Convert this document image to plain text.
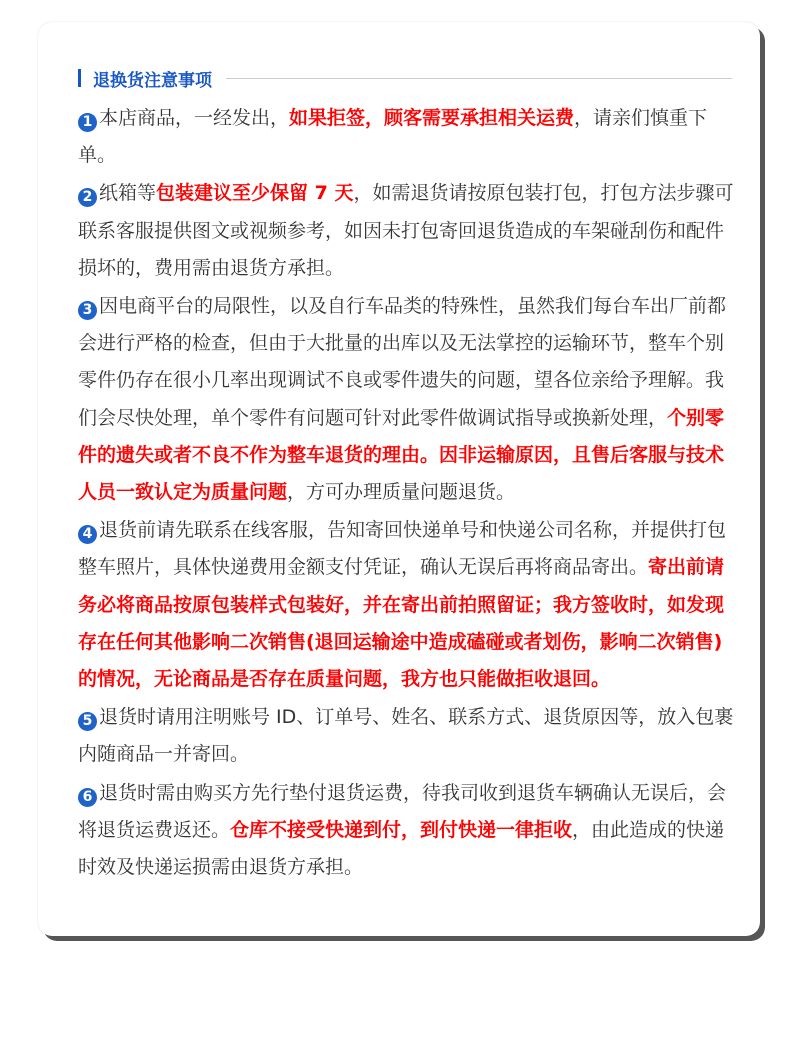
退换货注意事项

1 本店商品，一经发出，如果拒签，顾客需要承担相关运费，请亲们慎重下单。

2 纸箱等包装建议至少保留 7 天，如需退货请按原包装打包，打包方法步骤可联系客服提供图文或视频参考，如因未打包寄回退货造成的车架碰刮伤和配件损坏的，费用需由退货方承担。

3 因电商平台的局限性，以及自行车品类的特殊性，虽然我们每台车出厂前都会进行严格的检查，但由于大批量的出库以及无法掌控的运输环节，整车个别零件仍存在很小几率出现调试不良或零件遗失的问题，望各位亲给予理解。我们会尽快处理，单个零件有问题可针对此零件做调试指导或换新处理，个别零件的遗失或者不良不作为整车退货的理由。因非运输原因，且售后客服与技术人员一致认定为质量问题，方可办理质量问题退货。

4 退货前请先联系在线客服，告知寄回快递单号和快递公司名称，并提供打包整车照片，具体快递费用金额支付凭证，确认无误后再将商品寄出。寄出前请务必将商品按原包装样式包装好，并在寄出前拍照留证；我方签收时，如发现存在任何其他影响二次销售(退回运输途中造成磕碰或者划伤，影响二次销售)的情况，无论商品是否存在质量问题，我方也只能做拒收退回。

5 退货时请用注明账号 ID、订单号、姓名、联系方式、退货原因等，放入包裹内随商品一并寄回。

6 退货时需由购买方先行垫付退货运费，待我司收到退货车辆确认无误后，会将退货运费返还。仓库不接受快递到付，到付快递一律拒收，由此造成的快递时效及快递运损需由退货方承担。
